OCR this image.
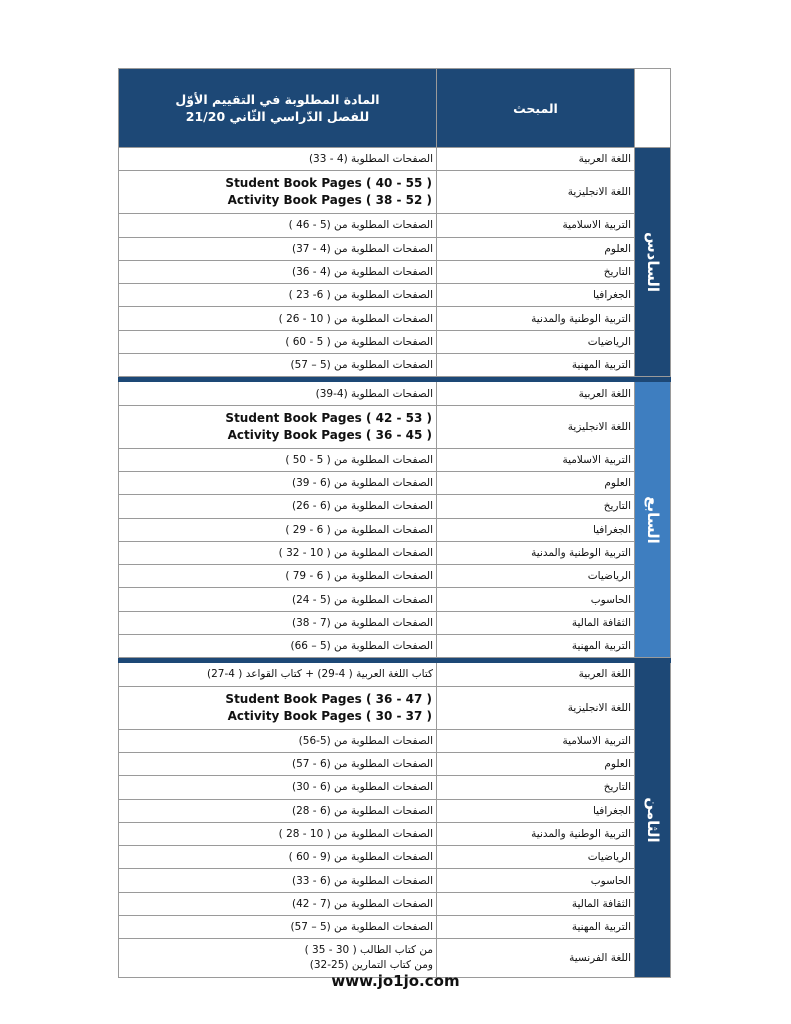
المادة المطلوبة في التقييم الأوّل
للفصل الدّراسي الثّاني 21/20	المبحث	
الصفحات المطلوبة (4 - 33)	اللغة العربية	السادس

Student Book Pages ( 40 - 55 )
Activity Book Pages ( 38 - 52 )	اللغة الانجليزية	
الصفحات المطلوبة من (5 - 46 )	التربية الاسلامية	
الصفحات المطلوبة من (4 - 37)	العلوم	
الصفحات المطلوبة من (4 - 36)	التاريخ	
الصفحات المطلوبة من ( 6- 23 )	الجغرافيا	
الصفحات المطلوبة من ( 10 - 26 )	التربية الوطنية والمدنية	
الصفحات المطلوبة من ( 5 - 60 )	الرياضيات	
الصفحات المطلوبة من (5 – 57)	التربية المهنية	

الصفحات المطلوبة (4-39)	اللغة العربية	السابع

Student Book Pages ( 42 - 53 )
Activity Book Pages ( 36 - 45 )	اللغة الانجليزية	
الصفحات المطلوبة من ( 5 - 50 )	التربية الاسلامية	
الصفحات المطلوبة من (6 - 39)	العلوم	
الصفحات المطلوبة من (6 - 26)	التاريخ	
الصفحات المطلوبة من ( 6 - 29 )	الجغرافيا	
الصفحات المطلوبة من ( 10 - 32 )	التربية الوطنية والمدنية	
الصفحات المطلوبة من ( 6 - 79 )	الرياضيات	
الصفحات المطلوبة من (5 - 24)	الحاسوب	
الصفحات المطلوبة من (7 - 38)	الثقافة المالية	
الصفحات المطلوبة من (5 – 66)	التربية المهنية	

كتاب اللغة العربية ( 4-29) + كتاب القواعد ( 4-27)	اللغة العربية	الثامن

Student Book Pages ( 36 - 47 )
Activity Book Pages ( 30 - 37 )	اللغة الانجليزية	
الصفحات المطلوبة من (5-56)	التربية الاسلامية	
الصفحات المطلوبة من (6 - 57)	العلوم	
الصفحات المطلوبة من (6 - 30)	التاريخ	
الصفحات المطلوبة من (6 - 28)	الجغرافيا	
الصفحات المطلوبة من ( 10 - 28 )	التربية الوطنية والمدنية	
الصفحات المطلوبة من (9 - 60 )	الرياضيات	
الصفحات المطلوبة من (6 - 33)	الحاسوب	
الصفحات المطلوبة من (7 - 42)	الثقافة المالية	
الصفحات المطلوبة من (5 – 57)	التربية المهنية	

من كتاب الطالب ( 30 - 35 )
ومن كتاب التمارين (25-32)	اللغة الفرنسية	
www.jo1jo.com
